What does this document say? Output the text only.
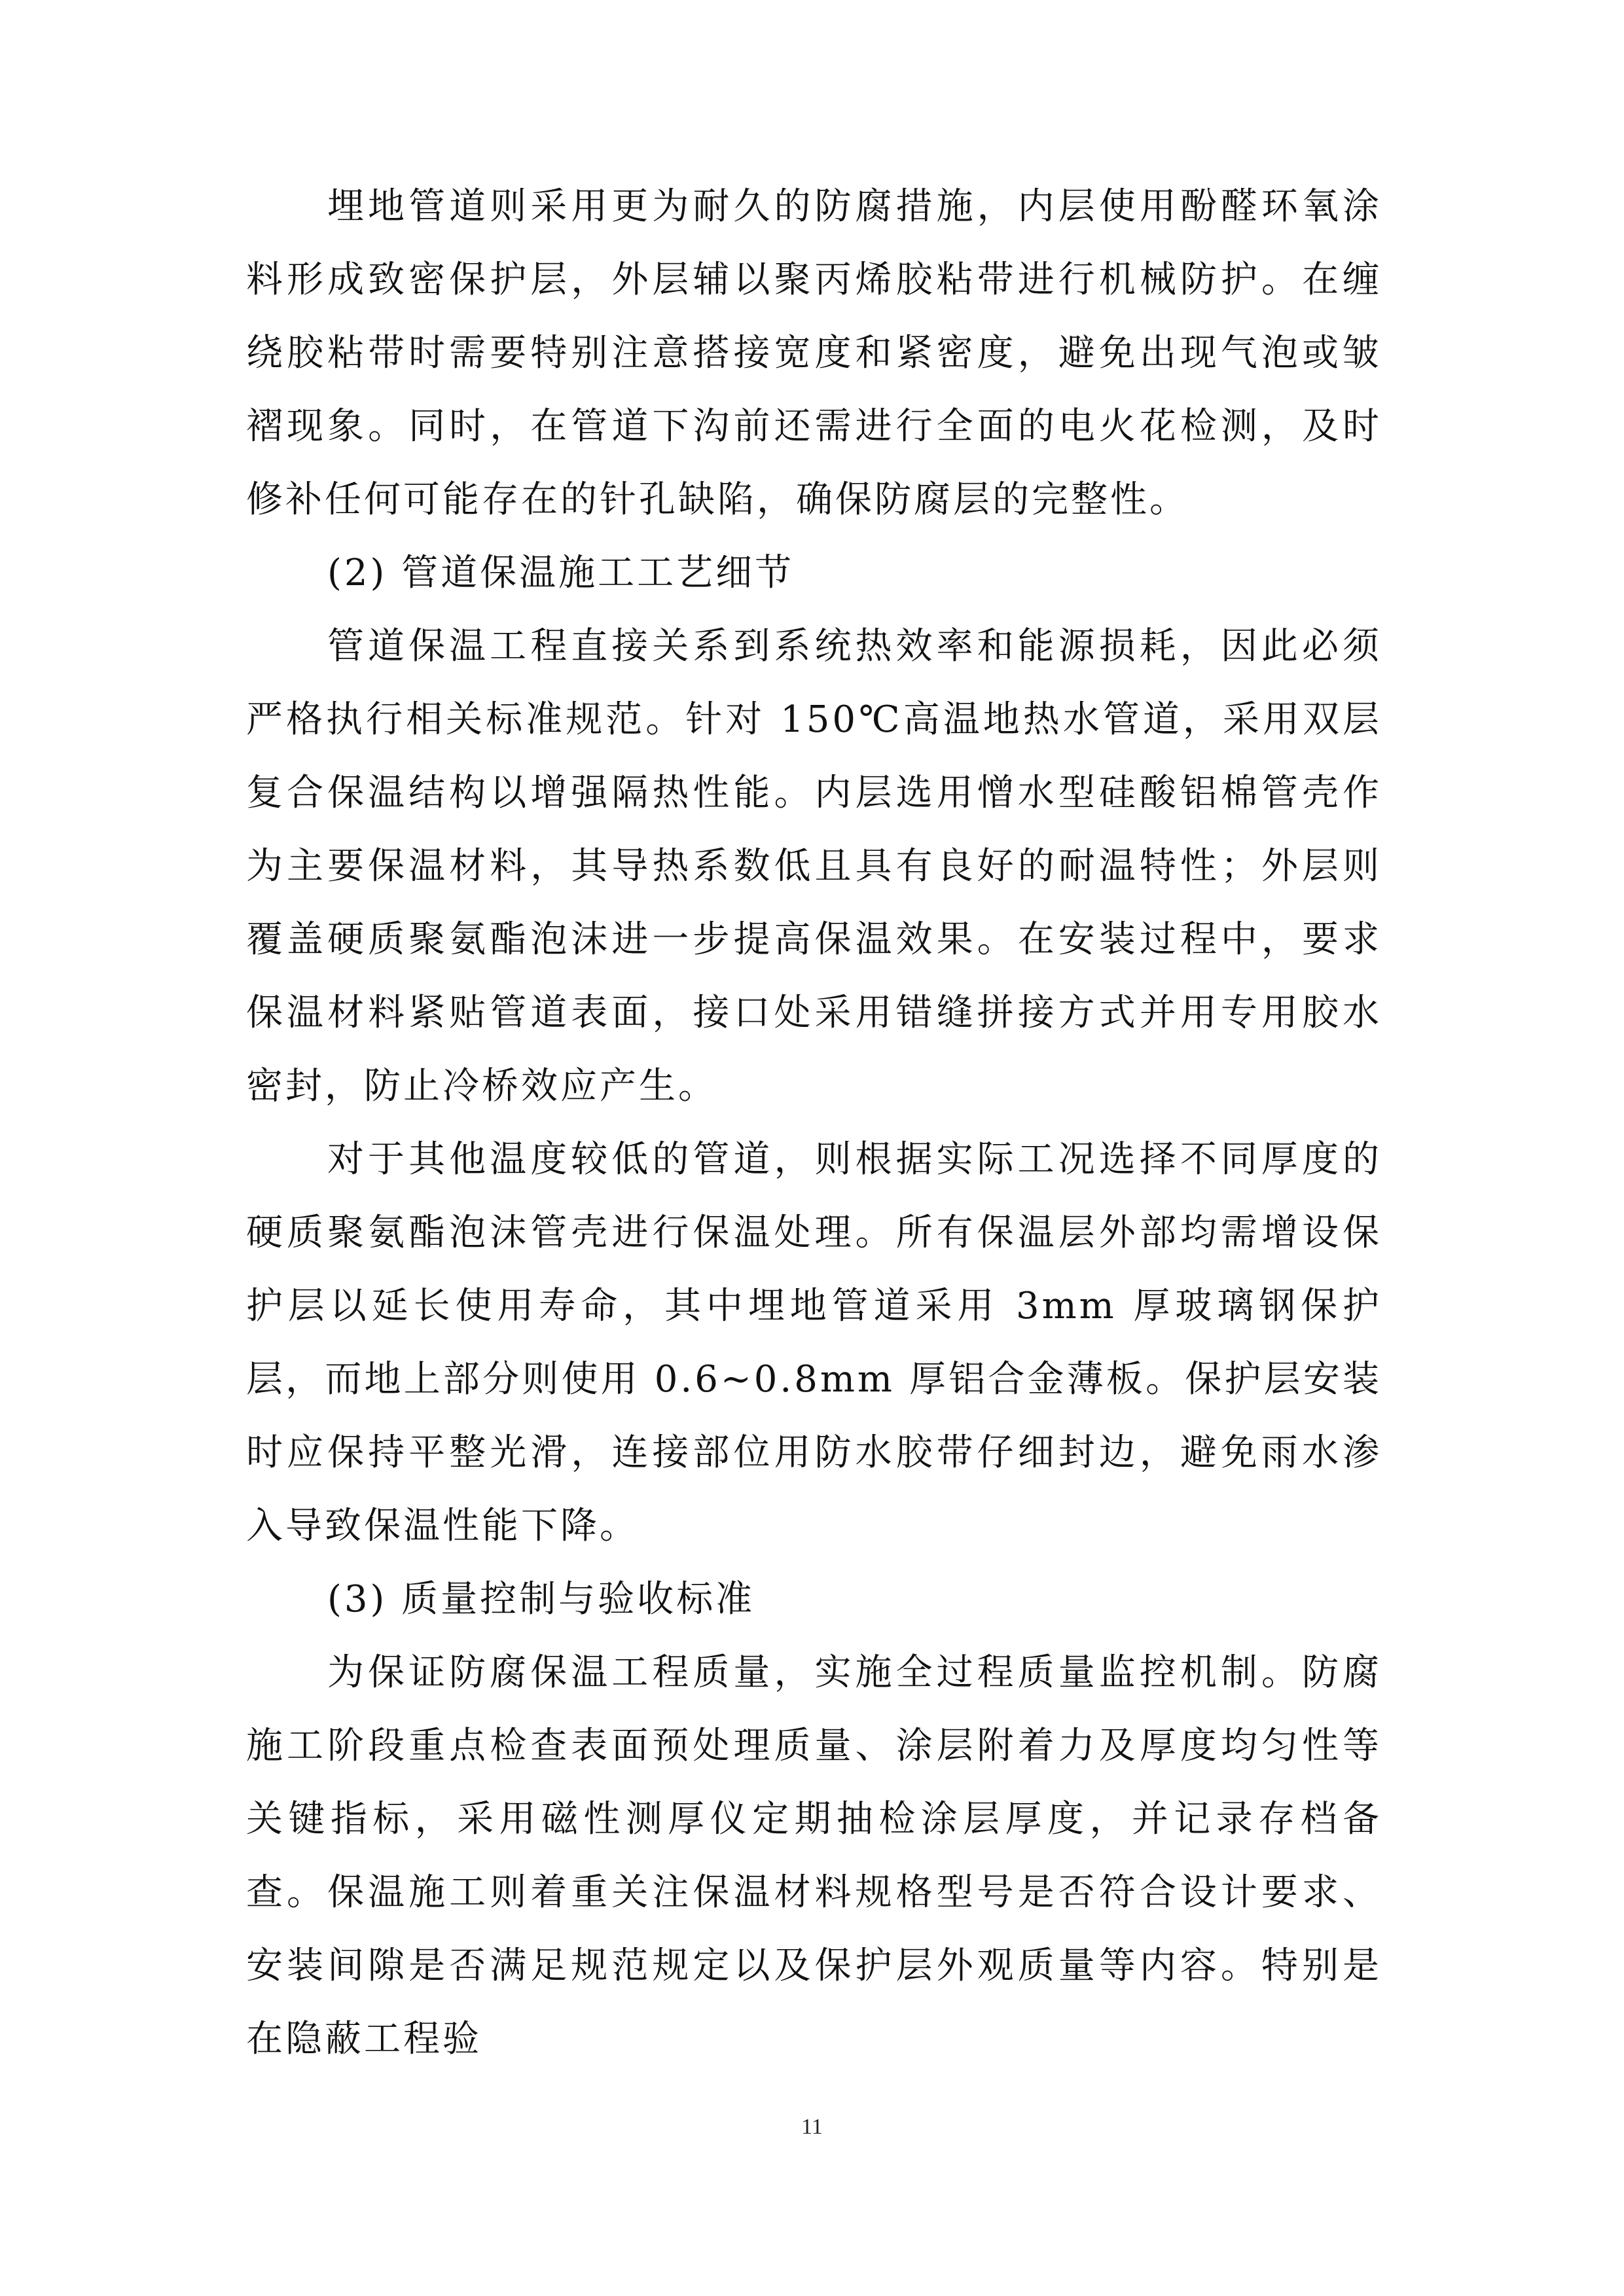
埋地管道则采用更为耐久的防腐措施，内层使用酚醛环氧涂料形成致密保护层，外层辅以聚丙烯胶粘带进行机械防护。在缠绕胶粘带时需要特别注意搭接宽度和紧密度，避免出现气泡或皱褶现象。同时，在管道下沟前还需进行全面的电火花检测，及时修补任何可能存在的针孔缺陷，确保防腐层的完整性。

(2) 管道保温施工工艺细节

管道保温工程直接关系到系统热效率和能源损耗，因此必须严格执行相关标准规范。针对 150℃高温地热水管道，采用双层复合保温结构以增强隔热性能。内层选用憎水型硅酸铝棉管壳作为主要保温材料，其导热系数低且具有良好的耐温特性；外层则覆盖硬质聚氨酯泡沫进一步提高保温效果。在安装过程中，要求保温材料紧贴管道表面，接口处采用错缝拼接方式并用专用胶水密封，防止冷桥效应产生。

对于其他温度较低的管道，则根据实际工况选择不同厚度的硬质聚氨酯泡沫管壳进行保温处理。所有保温层外部均需增设保护层以延长使用寿命，其中埋地管道采用 3mm 厚玻璃钢保护层，而地上部分则使用 0.6~0.8mm 厚铝合金薄板。保护层安装时应保持平整光滑，连接部位用防水胶带仔细封边，避免雨水渗入导致保温性能下降。

(3) 质量控制与验收标准

为保证防腐保温工程质量，实施全过程质量监控机制。防腐施工阶段重点检查表面预处理质量、涂层附着力及厚度均匀性等关键指标，采用磁性测厚仪定期抽检涂层厚度，并记录存档备查。保温施工则着重关注保温材料规格型号是否符合设计要求、安装间隙是否满足规范规定以及保护层外观质量等内容。特别是在隐蔽工程验

11
